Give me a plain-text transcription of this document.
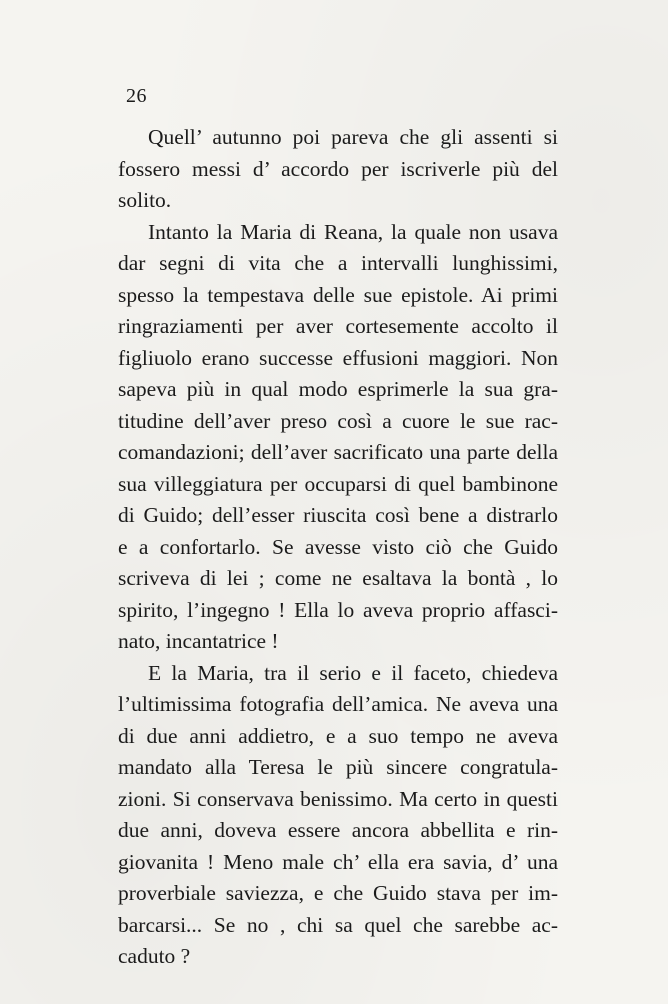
26
Quell’ autunno poi pareva che gli assenti si
fossero messi d’ accordo per iscriverle più del
solito.
Intanto la Maria di Reana, la quale non usava
dar segni di vita che a intervalli lunghissimi,
spesso la tempestava delle sue epistole. Ai primi
ringraziamenti per aver cortesemente accolto il
figliuolo erano successe effusioni maggiori. Non
sapeva più in qual modo esprimerle la sua gra-
titudine dell’aver preso così a cuore le sue rac-
comandazioni; dell’aver sacrificato una parte della
sua villeggiatura per occuparsi di quel bambinone
di Guido; dell’esser riuscita così bene a distrarlo
e a confortarlo. Se avesse visto ciò che Guido
scriveva di lei ; come ne esaltava la bontà , lo
spirito, l’ingegno ! Ella lo aveva proprio affasci-
nato, incantatrice !
E la Maria, tra il serio e il faceto, chiedeva
l’ultimissima fotografia dell’amica. Ne aveva una
di due anni addietro, e a suo tempo ne aveva
mandato alla Teresa le più sincere congratula-
zioni. Si conservava benissimo. Ma certo in questi
due anni, doveva essere ancora abbellita e rin-
giovanita ! Meno male ch’ ella era savia, d’ una
proverbiale saviezza, e che Guido stava per im-
barcarsi... Se no , chi sa quel che sarebbe ac-
caduto ?
